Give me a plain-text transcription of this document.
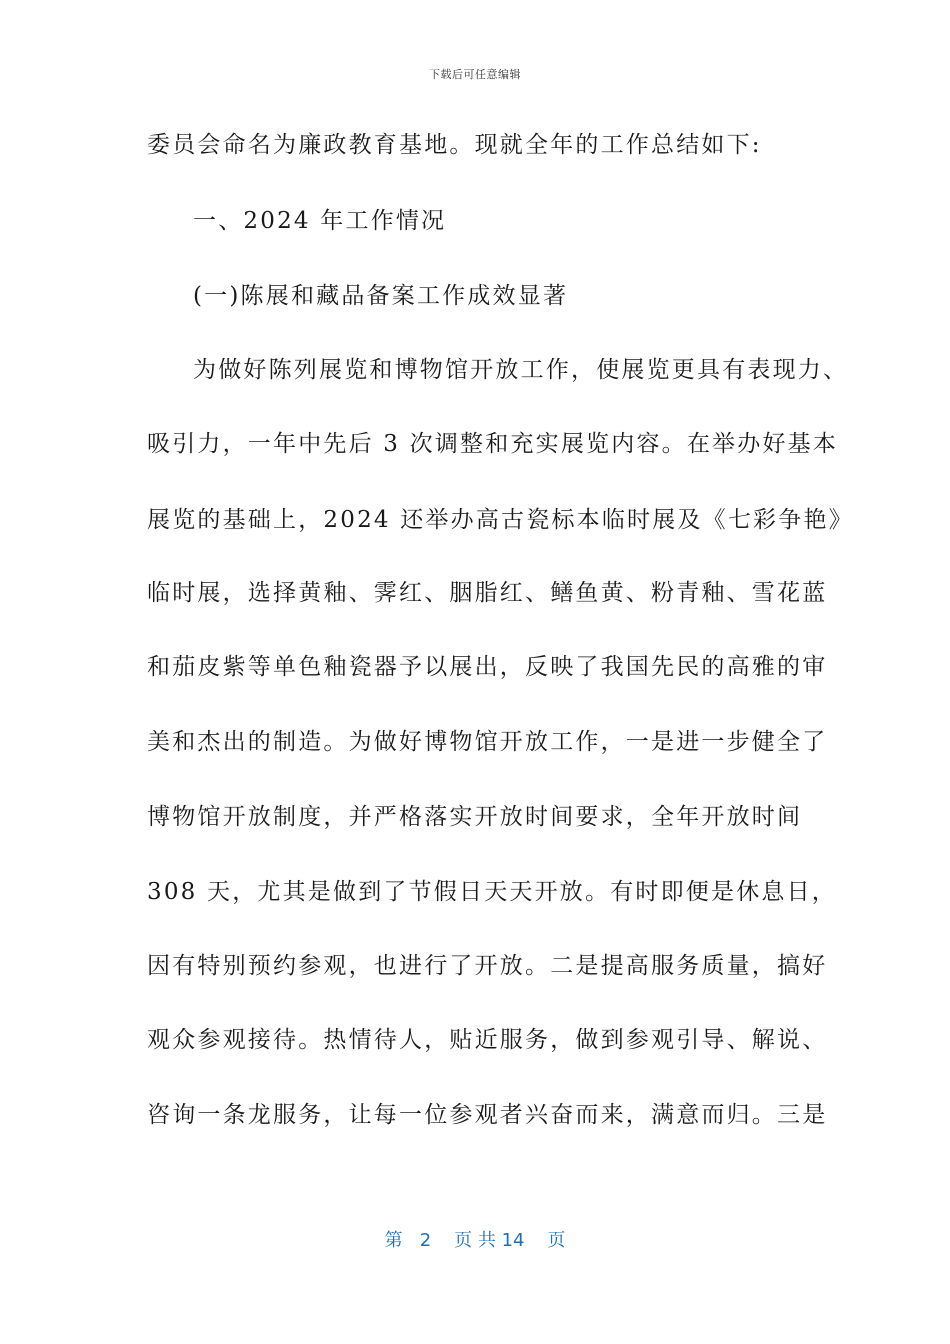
下载后可任意编辑
委员会命名为廉政教育基地。现就全年的工作总结如下:
一、2024 年工作情况
(一)陈展和藏品备案工作成效显著
为做好陈列展览和博物馆开放工作，使展览更具有表现力、
吸引力，一年中先后 3 次调整和充实展览内容。在举办好基本
展览的基础上，2024 还举办高古瓷标本临时展及《七彩争艳》
临时展，选择黄釉、霁红、胭脂红、鳝鱼黄、粉青釉、雪花蓝
和茄皮紫等单色釉瓷器予以展出，反映了我国先民的高雅的审
美和杰出的制造。为做好博物馆开放工作，一是进一步健全了
博物馆开放制度，并严格落实开放时间要求，全年开放时间
308 天，尤其是做到了节假日天天开放。有时即便是休息日，
因有特别预约参观，也进行了开放。二是提高服务质量，搞好
观众参观接待。热情待人，贴近服务，做到参观引导、解说、
咨询一条龙服务，让每一位参观者兴奋而来，满意而归。三是
第 2 页 共 14 页
